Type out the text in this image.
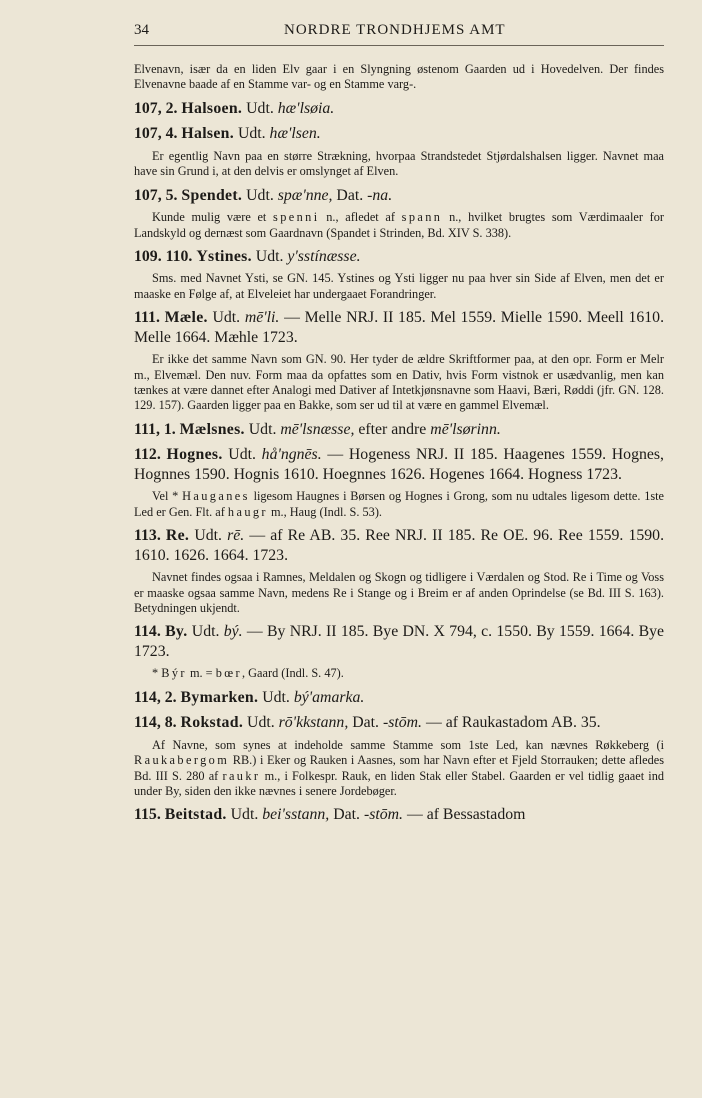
34	NORDRE TRONDHJEMS AMT

Elvenavn, især da en liden Elv gaar i en Slyngning østenom Gaarden ud i Hovedelven. Der findes Elvenavne baade af en Stamme var- og en Stamme varg-.

107, 2. Halsoen. Udt. hæ'lsøia.

107, 4. Halsen. Udt. hæ'lsen.

Er egentlig Navn paa en større Strækning, hvorpaa Strandstedet Stjørdalshalsen ligger. Navnet maa have sin Grund i, at den delvis er omslynget af Elven.

107, 5. Spendet. Udt. spæ'nne, Dat. -na.

Kunde mulig være et spenni n., afledet af spann n., hvilket brugtes som Værdimaaler for Landskyld og dernæst som Gaardnavn (Spandet i Strinden, Bd. XIV S. 338).

109. 110. Ystines. Udt. y'sstínæsse.

Sms. med Navnet Ysti, se GN. 145. Ystines og Ysti ligger nu paa hver sin Side af Elven, men det er maaske en Følge af, at Elveleiet har undergaaet Forandringer.

111. Mæle. Udt. mē'li. — Melle NRJ. II 185. Mel 1559. Mielle 1590. Meell 1610. Melle 1664. Mæhle 1723.

Er ikke det samme Navn som GN. 90. Her tyder de ældre Skriftformer paa, at den opr. Form er Melr m., Elvemæl. Den nuv. Form maa da opfattes som en Dativ, hvis Form vistnok er usædvanlig, men kan tænkes at være dannet efter Analogi med Dativer af Intetkjønsnavne som Haavi, Bæri, Røddi (jfr. GN. 128. 129. 157). Gaarden ligger paa en Bakke, som ser ud til at være en gammel Elvemæl.

111, 1. Mælsnes. Udt. mē'lsnæsse, efter andre mē'lsørinn.

112. Hognes. Udt. hå'ngnēs. — Hogeness NRJ. II 185. Haagenes 1559. Hognes, Hognnes 1590. Hognis 1610. Hoegnnes 1626. Hogenes 1664. Hogness 1723.

Vel * Hauganes ligesom Haugnes i Børsen og Hognes i Grong, som nu udtales ligesom dette. 1ste Led er Gen. Flt. af haugr m., Haug (Indl. S. 53).

113. Re. Udt. rē. — af Re AB. 35. Ree NRJ. II 185. Re OE. 96. Ree 1559. 1590. 1610. 1626. 1664. 1723.

Navnet findes ogsaa i Ramnes, Meldalen og Skogn og tidligere i Værdalen og Stod. Re i Time og Voss er maaske ogsaa samme Navn, medens Re i Stange og i Breim er af anden Oprindelse (se Bd. III S. 163). Betydningen ukjendt.

114. By. Udt. bý. — By NRJ. II 185. Bye DN. X 794, c. 1550. By 1559. 1664. Bye 1723.

* Býr m. = bœr, Gaard (Indl. S. 47).

114, 2. Bymarken. Udt. bý'amarka.

114, 8. Rokstad. Udt. rō'kkstann, Dat. -stōm. — af Raukastadom AB. 35.

Af Navne, som synes at indeholde samme Stamme som 1ste Led, kan nævnes Røkkeberg (i Raukabergom RB.) i Eker og Rauken i Aasnes, som har Navn efter et Fjeld Storrauken; dette afledes Bd. III S. 280 af raukr m., i Folkespr. Rauk, en liden Stak eller Stabel. Gaarden er vel tidlig gaaet ind under By, siden den ikke nævnes i senere Jordebøger.

115. Beitstad. Udt. bei'sstann, Dat. -stōm. — af Bessastadom
